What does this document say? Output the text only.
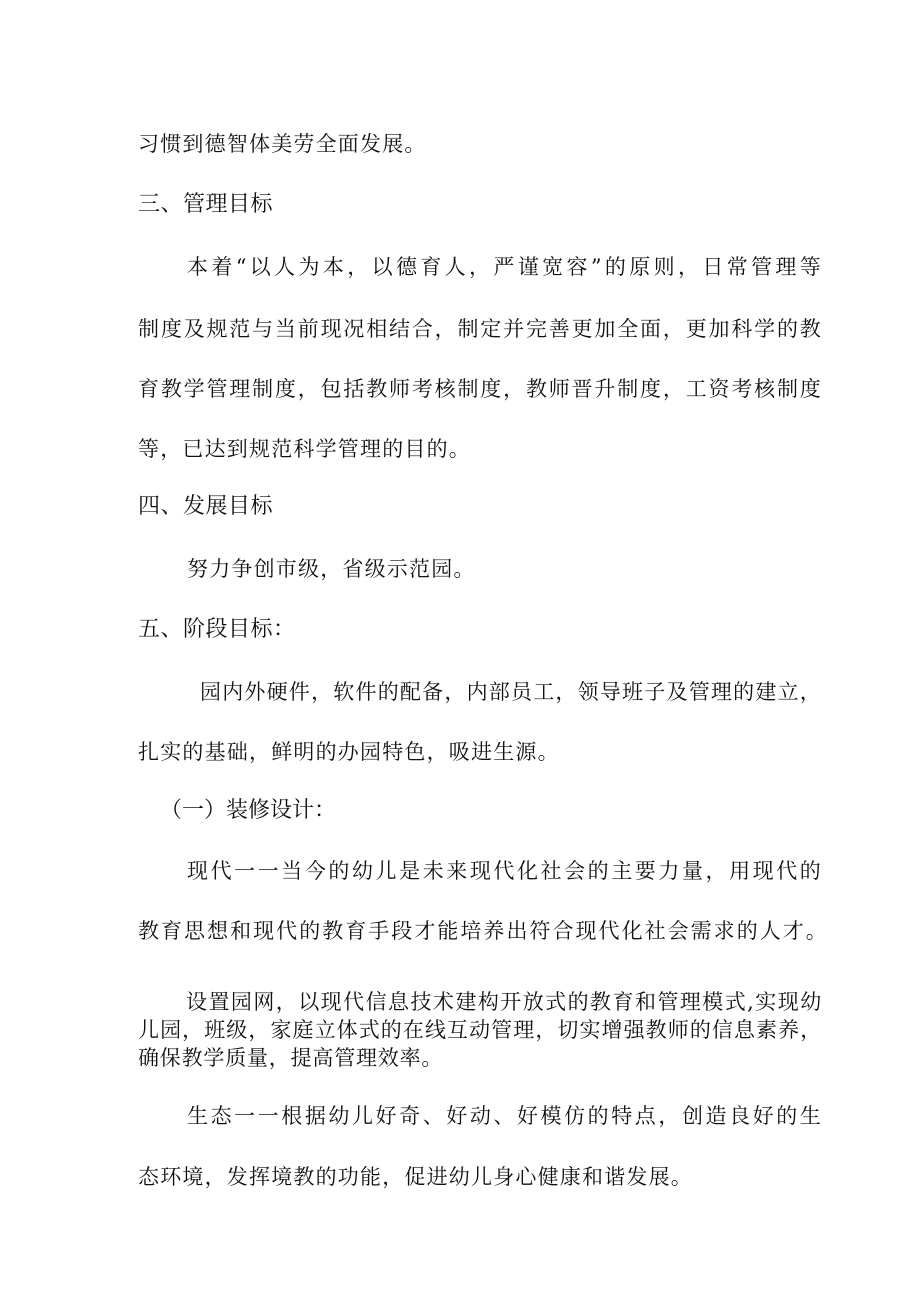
习惯到德智体美劳全面发展。
三、管理目标
本着“以人为本，以德育人，严谨宽容”的原则，日常管理等
制度及规范与当前现况相结合，制定并完善更加全面，更加科学的教
育教学管理制度，包括教师考核制度，教师晋升制度，工资考核制度
等，已达到规范科学管理的目的。
四、发展目标
努力争创市级，省级示范园。
五、阶段目标：
园内外硬件，软件的配备，内部员工，领导班子及管理的建立，
扎实的基础，鲜明的办园特色，吸进生源。
（一）装修设计：
现代一一当今的幼儿是未来现代化社会的主要力量，用现代的
教育思想和现代的教育手段才能培养出符合现代化社会需求的人才。

设置园网，以现代信息技术建构开放式的教育和管理模式,实现幼儿园，班级，家庭立体式的在线互动管理，切实增强教师的信息素养，确保教学质量，提高管理效率。

生态一一根据幼儿好奇、好动、好模仿的特点，创造良好的生
态环境，发挥境教的功能，促进幼儿身心健康和谐发展。
